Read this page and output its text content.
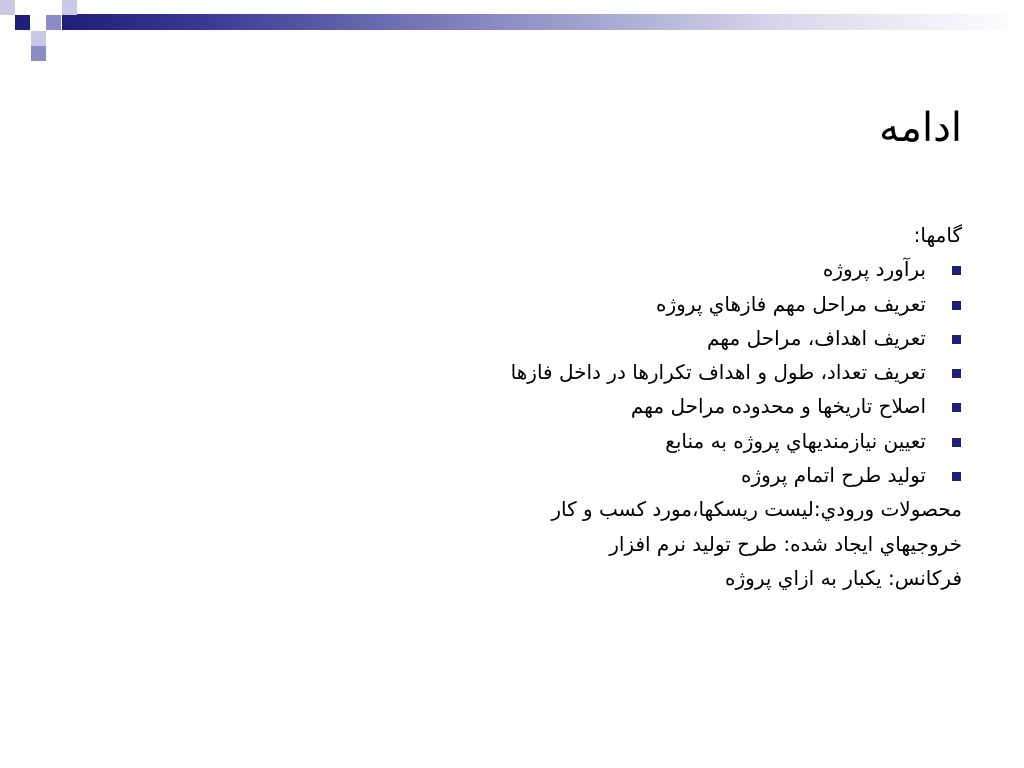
ادامه
گامها:
برآورد پروژه
تعريف مراحل مهم فازهاي پروژه
تعريف اهداف، مراحل مهم
تعريف تعداد، طول و اهداف تكرارها در داخل فازها
اصلاح تاريخها و محدوده مراحل مهم
تعيين نيازمنديهاي پروژه به منابع
توليد طرح اتمام پروژه
محصولات ورودي:ليست ريسكها،مورد كسب و كار
خروجيهاي ايجاد شده: طرح توليد نرم افزار
فركانس: يكبار به ازاي پروژه
